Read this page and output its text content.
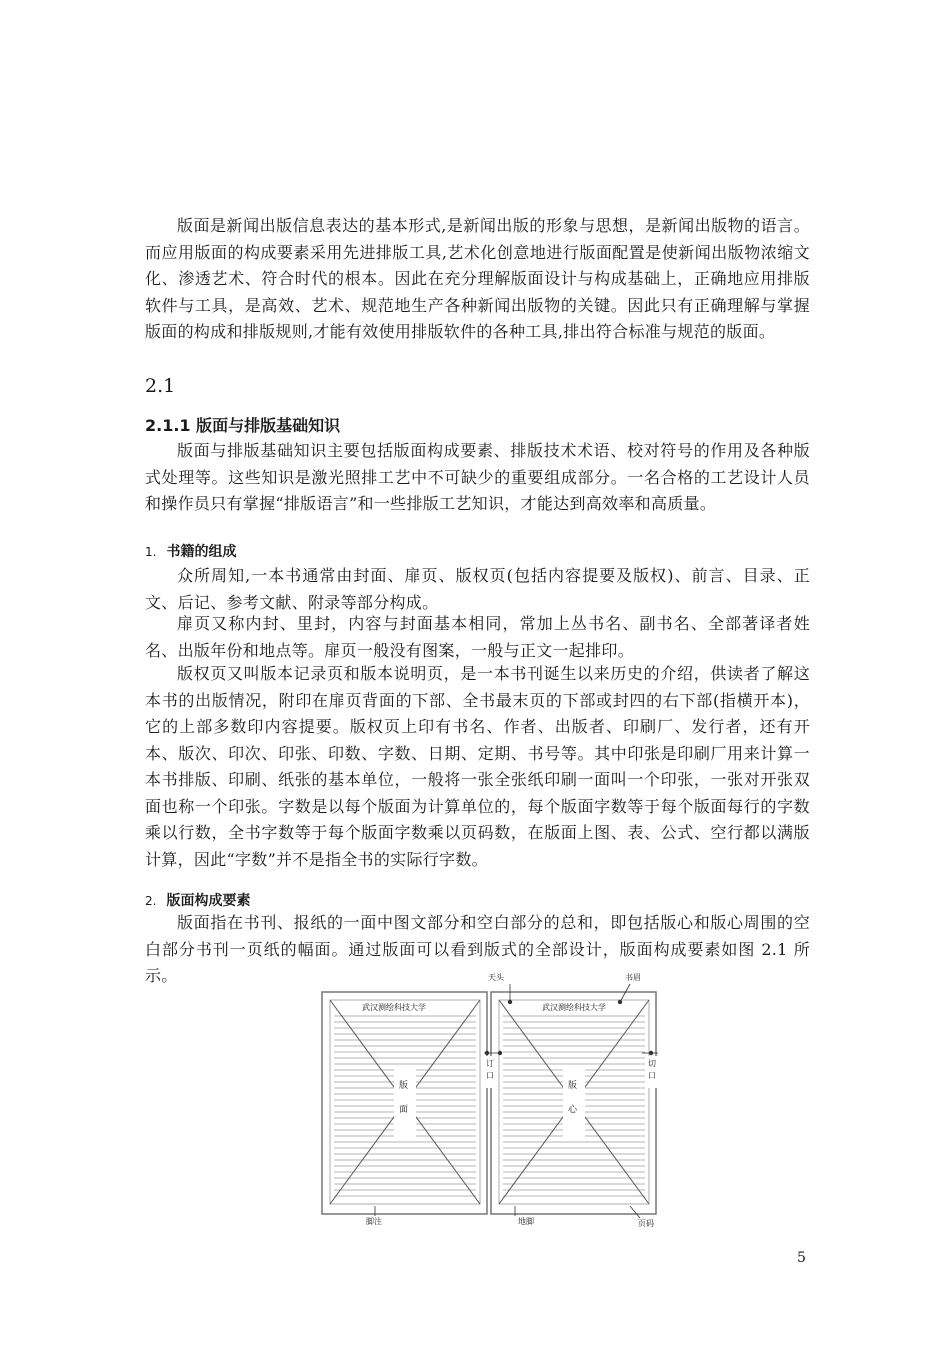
版面是新闻出版信息表达的基本形式,是新闻出版的形象与思想，是新闻出版物的语言。而应用版面的构成要素采用先进排版工具,艺术化创意地进行版面配置是使新闻出版物浓缩文化、渗透艺术、符合时代的根本。因此在充分理解版面设计与构成基础上，正确地应用排版软件与工具，是高效、艺术、规范地生产各种新闻出版物的关键。因此只有正确理解与掌握版面的构成和排版规则,才能有效使用排版软件的各种工具,排出符合标准与规范的版面。

2.1
2.1.1 版面与排版基础知识

版面与排版基础知识主要包括版面构成要素、排版技术术语、校对符号的作用及各种版式处理等。这些知识是激光照排工艺中不可缺少的重要组成部分。一名合格的工艺设计人员和操作员只有掌握“排版语言”和一些排版工艺知识，才能达到高效率和高质量。

1. 书籍的组成

众所周知,一本书通常由封面、扉页、版权页(包括内容提要及版权)、前言、目录、正文、后记、参考文献、附录等部分构成。

扉页又称内封、里封，内容与封面基本相同，常加上丛书名、副书名、全部著译者姓名、出版年份和地点等。扉页一般没有图案，一般与正文一起排印。

版权页又叫版本记录页和版本说明页，是一本书刊诞生以来历史的介绍，供读者了解这本书的出版情况，附印在扉页背面的下部、全书最末页的下部或封四的右下部(指横开本)，它的上部多数印内容提要。版权页上印有书名、作者、出版者、印刷厂、发行者，还有开本、版次、印次、印张、印数、字数、日期、定期、书号等。其中印张是印刷厂用来计算一本书排版、印刷、纸张的基本单位，一般将一张全张纸印刷一面叫一个印张，一张对开张双面也称一个印张。字数是以每个版面为计算单位的，每个版面字数等于每个版面每行的字数乘以行数，全书字数等于每个版面字数乘以页码数，在版面上图、表、公式、空行都以满版计算，因此“字数”并不是指全书的实际行字数。

2. 版面构成要素

版面指在书刊、报纸的一面中图文部分和空白部分的总和，即包括版心和版心周围的空白部分书刊一页纸的幅面。通过版面可以看到版式的全部设计，版面构成要素如图 2.1 所示。	天头	书眉
武汉测绘科技大学	武汉测绘科技大学
订口
切口
版面
版心
脚注	地脚	页码
5
